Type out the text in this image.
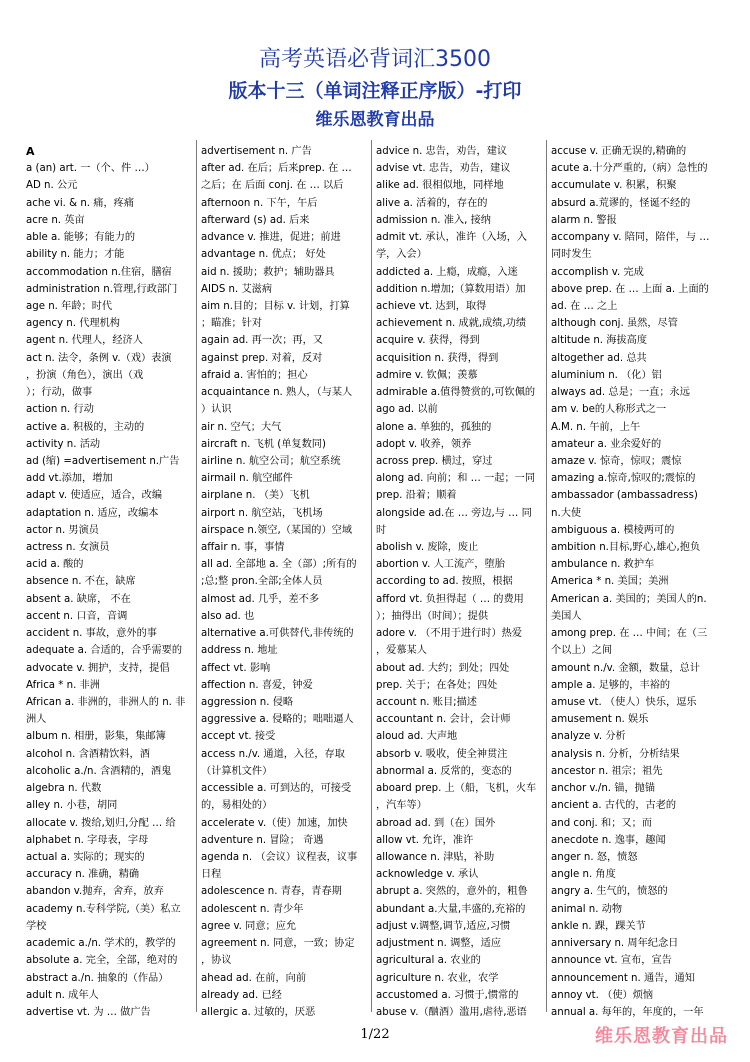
高考英语必背词汇3500
版本十三（单词注释正序版）-打印
维乐恩教育出品
A
a (an) art. 一（个、件 …）
AD n. 公元
ache vi. & n. 痛，疼痛
acre n. 英亩
able a. 能够；有能力的
ability n. 能力；才能
accommodation n.住宿，膳宿
administration n.管理,行政部门
age n. 年龄；时代
agency n. 代理机构
agent n. 代理人，经济人
act n. 法令，条例 v.（戏）表演
，扮演（角色），演出（戏
）；行动，做事
action n. 行动
active a. 积极的，主动的
activity n. 活动
ad (缩) =advertisement n.广告
add vt.添加，增加
adapt v. 使适应，适合，改编
adaptation n. 适应，改编本
actor n. 男演员
actress n. 女演员
acid a. 酸的
absence n. 不在，缺席
absent a. 缺席， 不在
accent n. 口音，音调
accident n. 事故，意外的事
adequate a. 合适的，合乎需要的
advocate v. 拥护，支持，提倡
Africa * n. 非洲
African a. 非洲的，非洲人的 n. 非
洲人
album n. 相册，影集，集邮簿
alcohol n. 含酒精饮料，酒
alcoholic a./n. 含酒精的，酒鬼
algebra n. 代数
alley n. 小巷，胡同
allocate v. 拨给,划归,分配 … 给
alphabet n. 字母表，字母
actual a. 实际的；现实的
accuracy n. 准确，精确
abandon v.抛弃，舍弃，放弃
academy n.专科学院,（美）私立
学校
academic a./n. 学术的，教学的
absolute a. 完全，全部，绝对的
abstract a./n. 抽象的（作品）
adult n. 成年人
advertise vt. 为 … 做广告
advertisement n. 广告
after ad. 在后；后来prep. 在 …
之后；在 后面 conj. 在 … 以后
afternoon n. 下午，午后
afterward (s) ad. 后来
advance v. 推进，促进；前进
advantage n. 优点； 好处
aid n. 援助；救护；辅助器具
AIDS n. 艾滋病
aim n.目的；目标 v. 计划，打算
；瞄准；针对
again ad. 再一次；再，又
against prep. 对着，反对
afraid a. 害怕的；担心
acquaintance n. 熟人，（与某人
）认识
air n. 空气；大气
aircraft n. 飞机 (单复数同)
airline n. 航空公司；航空系统
airmail n. 航空邮件
airplane n. （美）飞机
airport n. 航空站，飞机场
airspace n.领空,（某国的）空域
affair n. 事，事情
all ad. 全部地 a. 全（部）;所有的
;总;整 pron.全部;全体人员
almost ad. 几乎，差不多
also ad. 也
alternative a.可供替代,非传统的
address n. 地址
affect vt. 影响
affection n. 喜爱，钟爱
aggression n. 侵略
aggressive a. 侵略的；咄咄逼人
accept vt. 接受
access n./v. 通道，入径，存取
（计算机文件）
accessible a. 可到达的，可接受
的，易相处的）
accelerate v.（使）加速，加快
adventure n. 冒险； 奇遇
agenda n. （会议）议程表，议事
日程
adolescence n. 青春，青春期
adolescent n. 青少年
agree v. 同意；应允
agreement n. 同意，一致；协定
，协议
ahead ad. 在前，向前
already ad. 已经
allergic a. 过敏的，厌恶
advice n. 忠告，劝告，建议
advise vt. 忠告，劝告，建议
alike ad. 很相似地，同样地
alive a. 活着的，存在的
admission n. 准入, 接纳
admit vt. 承认，准许（入场，入
学，入会）
addicted a. 上瘾，成瘾，入迷
addition n.增加;（算数用语）加
achieve vt. 达到，取得
achievement n. 成就,成绩,功绩
acquire v. 获得，得到
acquisition n. 获得，得到
admire v. 钦佩；羡慕
admirable a.值得赞赏的,可钦佩的
ago ad. 以前
alone a. 单独的，孤独的
adopt v. 收养，领养
across prep. 横过，穿过
along ad. 向前；和 … 一起；一同
prep. 沿着；顺着
alongside ad.在 … 旁边,与 … 同
时
abolish v. 废除，废止
abortion v. 人工流产，堕胎
according to ad. 按照，根据
afford vt. 负担得起（ … 的费用
）；抽得出（时间）；提供
adore v. （不用于进行时）热爱
，爱慕某人
about ad. 大约；到处；四处
prep. 关于；在各处；四处
account n. 账目;描述
accountant n. 会计，会计师
aloud ad. 大声地
absorb v. 吸收，使全神贯注
abnormal a. 反常的，变态的
aboard prep. 上（船，飞机，火车
，汽车等）
abroad ad. 到（在）国外
allow vt. 允许，准许
allowance n. 津贴，补助
acknowledge v. 承认
abrupt a. 突然的，意外的，粗鲁
abundant a.大量,丰盛的,充裕的
adjust v.调整,调节,适应,习惯
adjustment n. 调整，适应
agricultural a. 农业的
agriculture n. 农业，农学
accustomed a. 习惯于,惯常的
abuse v.（酗酒）滥用,虐待,恶语
accuse v. 正确无误的,精确的
acute a.十分严重的,（病）急性的
accumulate v. 积累，积聚
absurd a.荒谬的，怪诞不经的
alarm n. 警报
accompany v. 陪同，陪伴，与 …
同时发生
accomplish v. 完成
above prep. 在 … 上面 a. 上面的
ad. 在 … 之上
although conj. 虽然，尽管
altitude n. 海拔高度
altogether ad. 总共
aluminium n. （化）铝
always ad. 总是；一直；永远
am v. be的人称形式之一
A.M. n. 午前，上午
amateur a. 业余爱好的
amaze v. 惊奇，惊叹；震惊
amazing a.惊奇,惊叹的;震惊的
ambassador (ambassadress)
n.大使
ambiguous a. 模棱两可的
ambition n.目标,野心,雄心,抱负
ambulance n. 救护车
America * n. 美国；美洲
American a. 美国的；美国人的n.
美国人
among prep. 在 … 中间；在（三
个以上）之间
amount n./v. 金额，数量，总计
ample a. 足够的，丰裕的
amuse vt. （使人）快乐，逗乐
amusement n. 娱乐
analyze v. 分析
analysis n. 分析，分析结果
ancestor n. 祖宗；祖先
anchor v./n. 锚，抛锚
ancient a. 古代的，古老的
and conj. 和；又；而
anecdote n. 逸事，趣闻
anger n. 怒，愤怒
angle n. 角度
angry a. 生气的，愤怒的
animal n. 动物
ankle n. 踝，踝关节
anniversary n. 周年纪念日
announce vt. 宣布，宣告
announcement n. 通告，通知
annoy vt. （使）烦恼
annual a. 每年的，年度的，一年
1/22	维乐恩教育出品
